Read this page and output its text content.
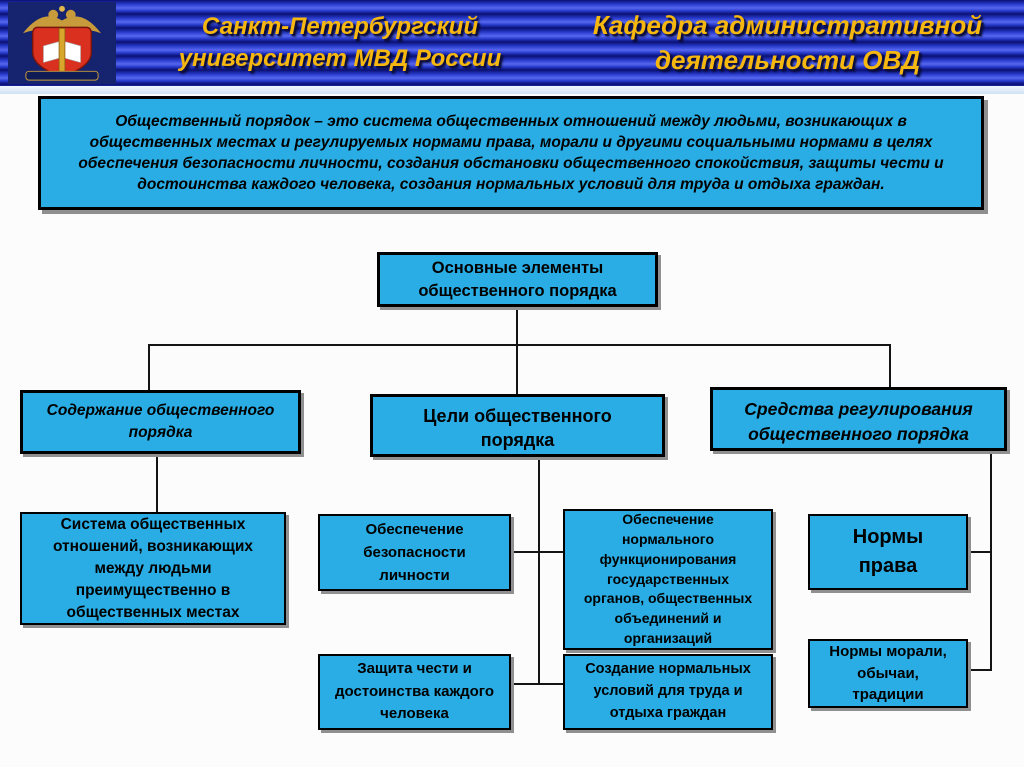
Санкт-Петербургский университет МВД России
Кафедра административной деятельности ОВД
Общественный порядок – это система общественных отношений между людьми, возникающих в общественных местах и регулируемых нормами права, морали и другими социальными нормами в целях обеспечения безопасности личности, создания обстановки общественного спокойствия, защиты чести и достоинства каждого человека, создания нормальных условий для труда и отдыха граждан.
Основные элементы общественного порядка
Содержание общественного порядка
Цели общественного порядка
Средства регулирования общественного порядка
Система общественных отношений, возникающих между людьми преимущественно в общественных местах
Обеспечение безопасности личности
Обеспечение нормального функционирования государственных органов, общественных объединений и организаций
Защита чести и достоинства каждого человека
Создание нормальных условий для труда и отдыха граждан
Нормы права
Нормы морали, обычаи, традиции
